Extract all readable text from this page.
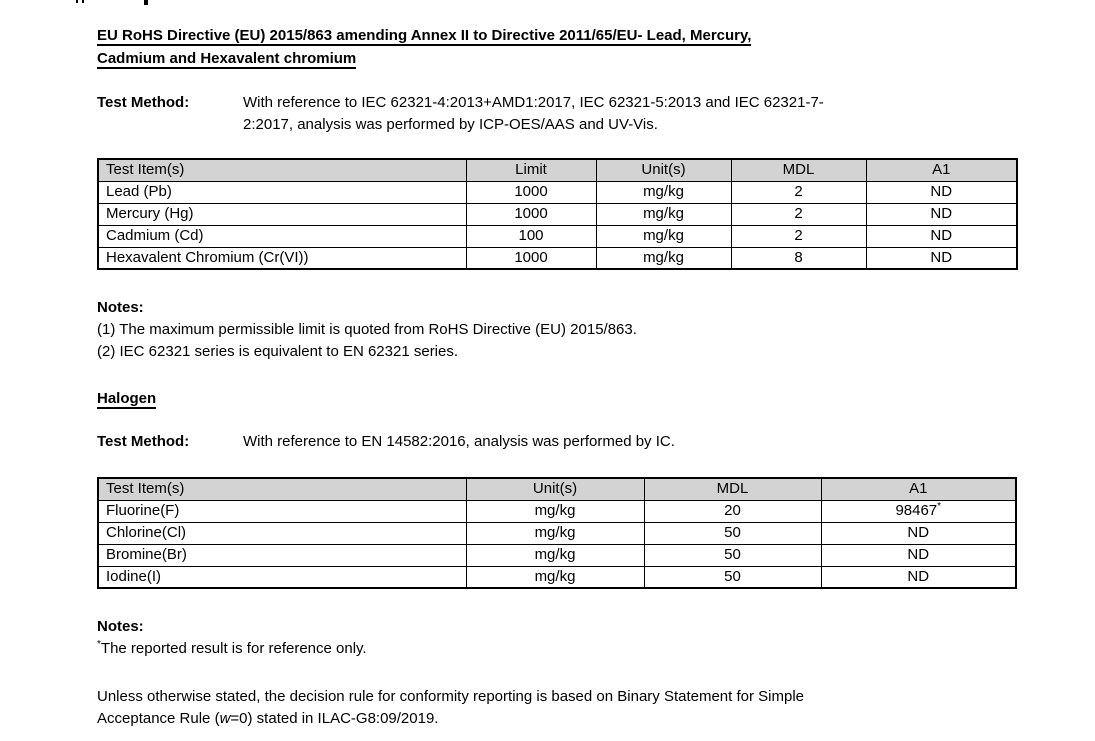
EU RoHS Directive (EU) 2015/863 amending Annex II to Directive 2011/65/EU- Lead, Mercury,
Cadmium and Hexavalent chromium
Test Method:	With reference to IEC 62321-4:2013+AMD1:2017, IEC 62321-5:2013 and IEC 62321-7-
2:2017, analysis was performed by ICP-OES/AAS and UV-Vis.
Test Item(s)	Limit	Unit(s)	MDL	A1
Lead (Pb)	1000	mg/kg	2	ND
Mercury (Hg)	1000	mg/kg	2	ND
Cadmium (Cd)	100	mg/kg	2	ND
Hexavalent Chromium (Cr(VI))	1000	mg/kg	8	ND
Notes:
(1) The maximum permissible limit is quoted from RoHS Directive (EU) 2015/863.
(2) IEC 62321 series is equivalent to EN 62321 series.
Halogen
Test Method:	With reference to EN 14582:2016, analysis was performed by IC.
Test Item(s)	Unit(s)	MDL	A1
Fluorine(F)	mg/kg	20	98467*
Chlorine(Cl)	mg/kg	50	ND
Bromine(Br)	mg/kg	50	ND
Iodine(I)	mg/kg	50	ND
Notes:
*The reported result is for reference only.
Unless otherwise stated, the decision rule for conformity reporting is based on Binary Statement for Simple
Acceptance Rule (w=0) stated in ILAC-G8:09/2019.
